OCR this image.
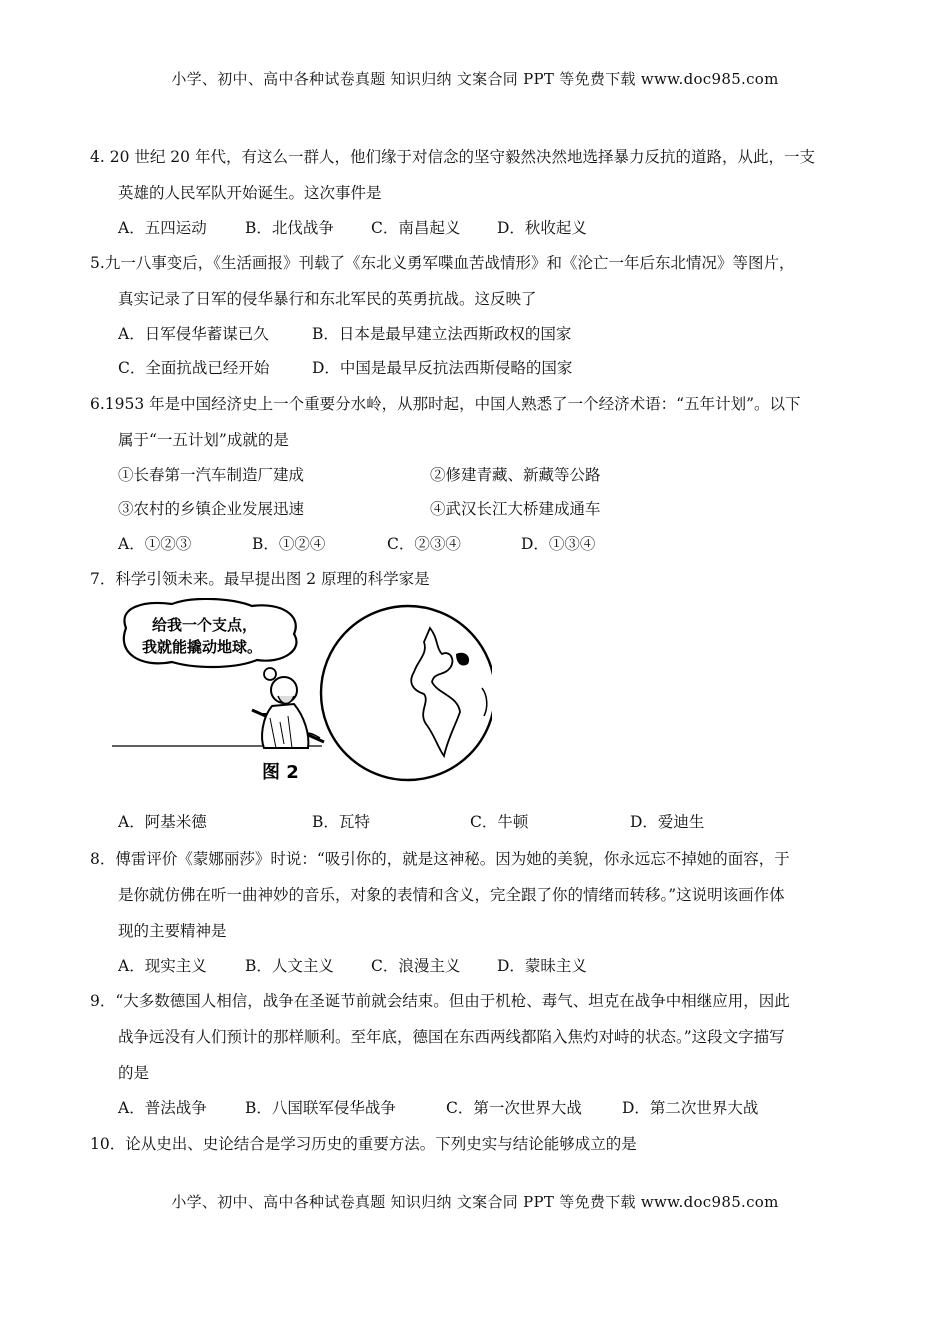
小学、初中、高中各种试卷真题 知识归纳 文案合同 PPT 等免费下载 www.doc985.com
4. 20 世纪 20 年代，有这么一群人，他们缘于对信念的坚守毅然决然地选择暴力反抗的道路，从此，一支
英雄的人民军队开始诞生。这次事件是
A．五四运动 B．北伐战争 C．南昌起义 D．秋收起义
5.九一八事变后，《生活画报》刊载了《东北义勇军喋血苦战情形》和《沦亡一年后东北情况》等图片，
真实记录了日军的侵华暴行和东北军民的英勇抗战。这反映了
A．日军侵华蓄谋已久	B．日本是最早建立法西斯政权的国家
C．全面抗战已经开始	D．中国是最早反抗法西斯侵略的国家
6.1953 年是中国经济史上一个重要分水岭，从那时起，中国人熟悉了一个经济术语：“五年计划”。以下
属于“一五计划”成就的是
①长春第一汽车制造厂建成	②修建青藏、新藏等公路
③农村的乡镇企业发展迅速	④武汉长江大桥建成通车
A．①②③	B．①②④	C．②③④	D．①③④
7．科学引领未来。最早提出图 2 原理的科学家是
给我一个支点，
我就能撬动地球。
图 2
A．阿基米德	B．瓦特	C．牛顿	D．爱迪生
8．傅雷评价《蒙娜丽莎》时说：“吸引你的，就是这神秘。因为她的美貌，你永远忘不掉她的面容，于
是你就仿佛在听一曲神妙的音乐，对象的表情和含义，完全跟了你的情绪而转移。”这说明该画作体
现的主要精神是
A．现实主义 B．人文主义 C．浪漫主义 D．蒙昧主义
9．“大多数德国人相信，战争在圣诞节前就会结束。但由于机枪、毒气、坦克在战争中相继应用，因此
战争远没有人们预计的那样顺利。至年底，德国在东西两线都陷入焦灼对峙的状态。”这段文字描写
的是
A．普法战争 B．八国联军侵华战争	C．第一次世界大战	D．第二次世界大战
10．论从史出、史论结合是学习历史的重要方法。下列史实与结论能够成立的是
小学、初中、高中各种试卷真题 知识归纳 文案合同 PPT 等免费下载 www.doc985.com
